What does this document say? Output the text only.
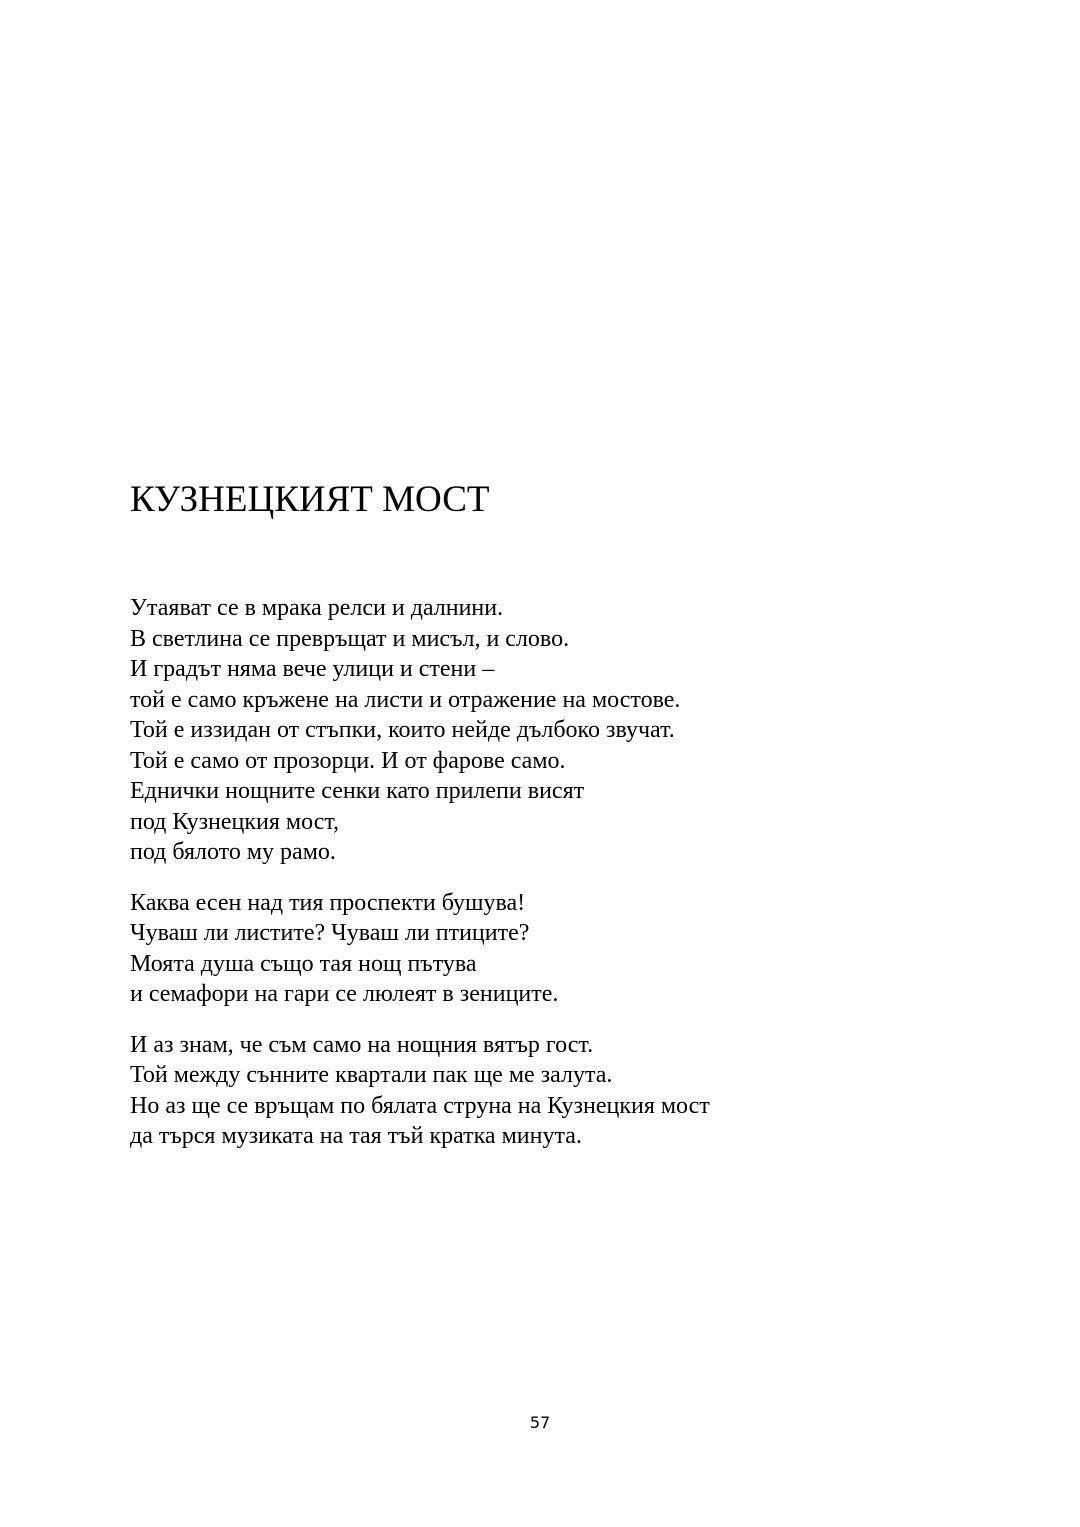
КУЗНЕЦКИЯТ МОСТ
Утаяват се в мрака релси и далнини.
В светлина се превръщат и мисъл, и слово.
И градът няма вече улици и стени –
той е само кръжене на листи и отражение на мостове.
Той е иззидан от стъпки, които нейде дълбоко звучат.
Той е само от прозорци. И от фарове само.
Еднички нощните сенки като прилепи висят
под Кузнецкия мост,
под бялото му рамо.
Каква есен над тия проспекти бушува!
Чуваш ли листите? Чуваш ли птиците?
Моята душа също тая нощ пътува
и семафори на гари се люлеят в зениците.
И аз знам, че съм само на нощния вятър гост.
Той между сънните квартали пак ще ме залута.
Но аз ще се връщам по бялата струна на Кузнецкия мост
да търся музиката на тая тъй кратка минута.
57
